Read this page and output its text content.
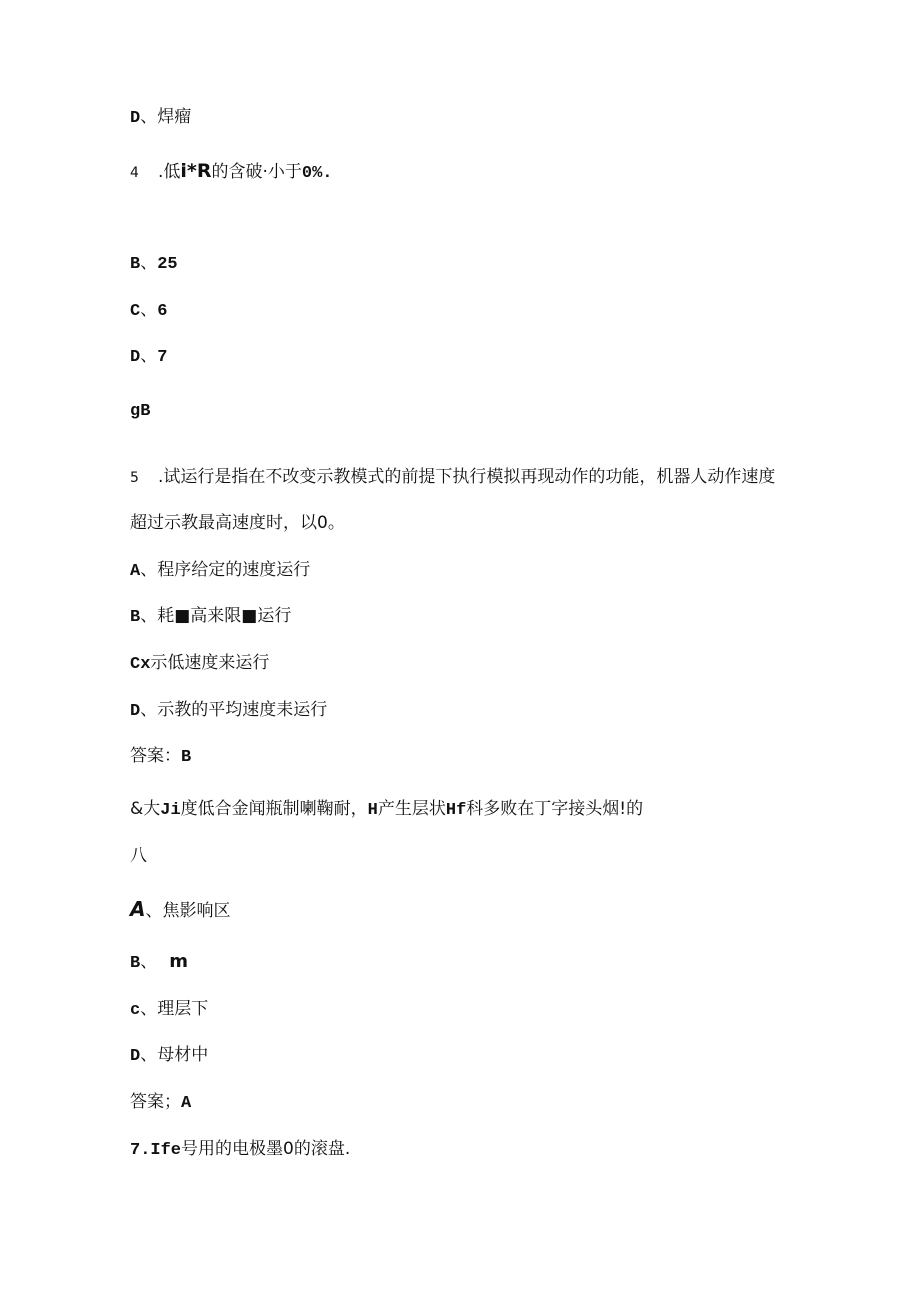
D、焊瘤
4 .低i*R的含破·小于0%.
B、25
C、6
D、7
gB
5 .试运行是指在不改变示教模式的前提下执行模拟再现动作的功能，机器人动作速度
超过示教最高速度时，以0。
A、程序给定的速度运行
B、耗■高来限■运行
Cx示低速度来运行
D、示教的平均速度耒运行
答案：B
&大Ji度低合金闻瓶制喇鞠耐，H产生层状Hf科多败在丁字接头烟!的
八
A、焦影响区
B、 m
c、理层下
D、母材中
答案；A
7.Ife号用的电极墨0的滚盘.
